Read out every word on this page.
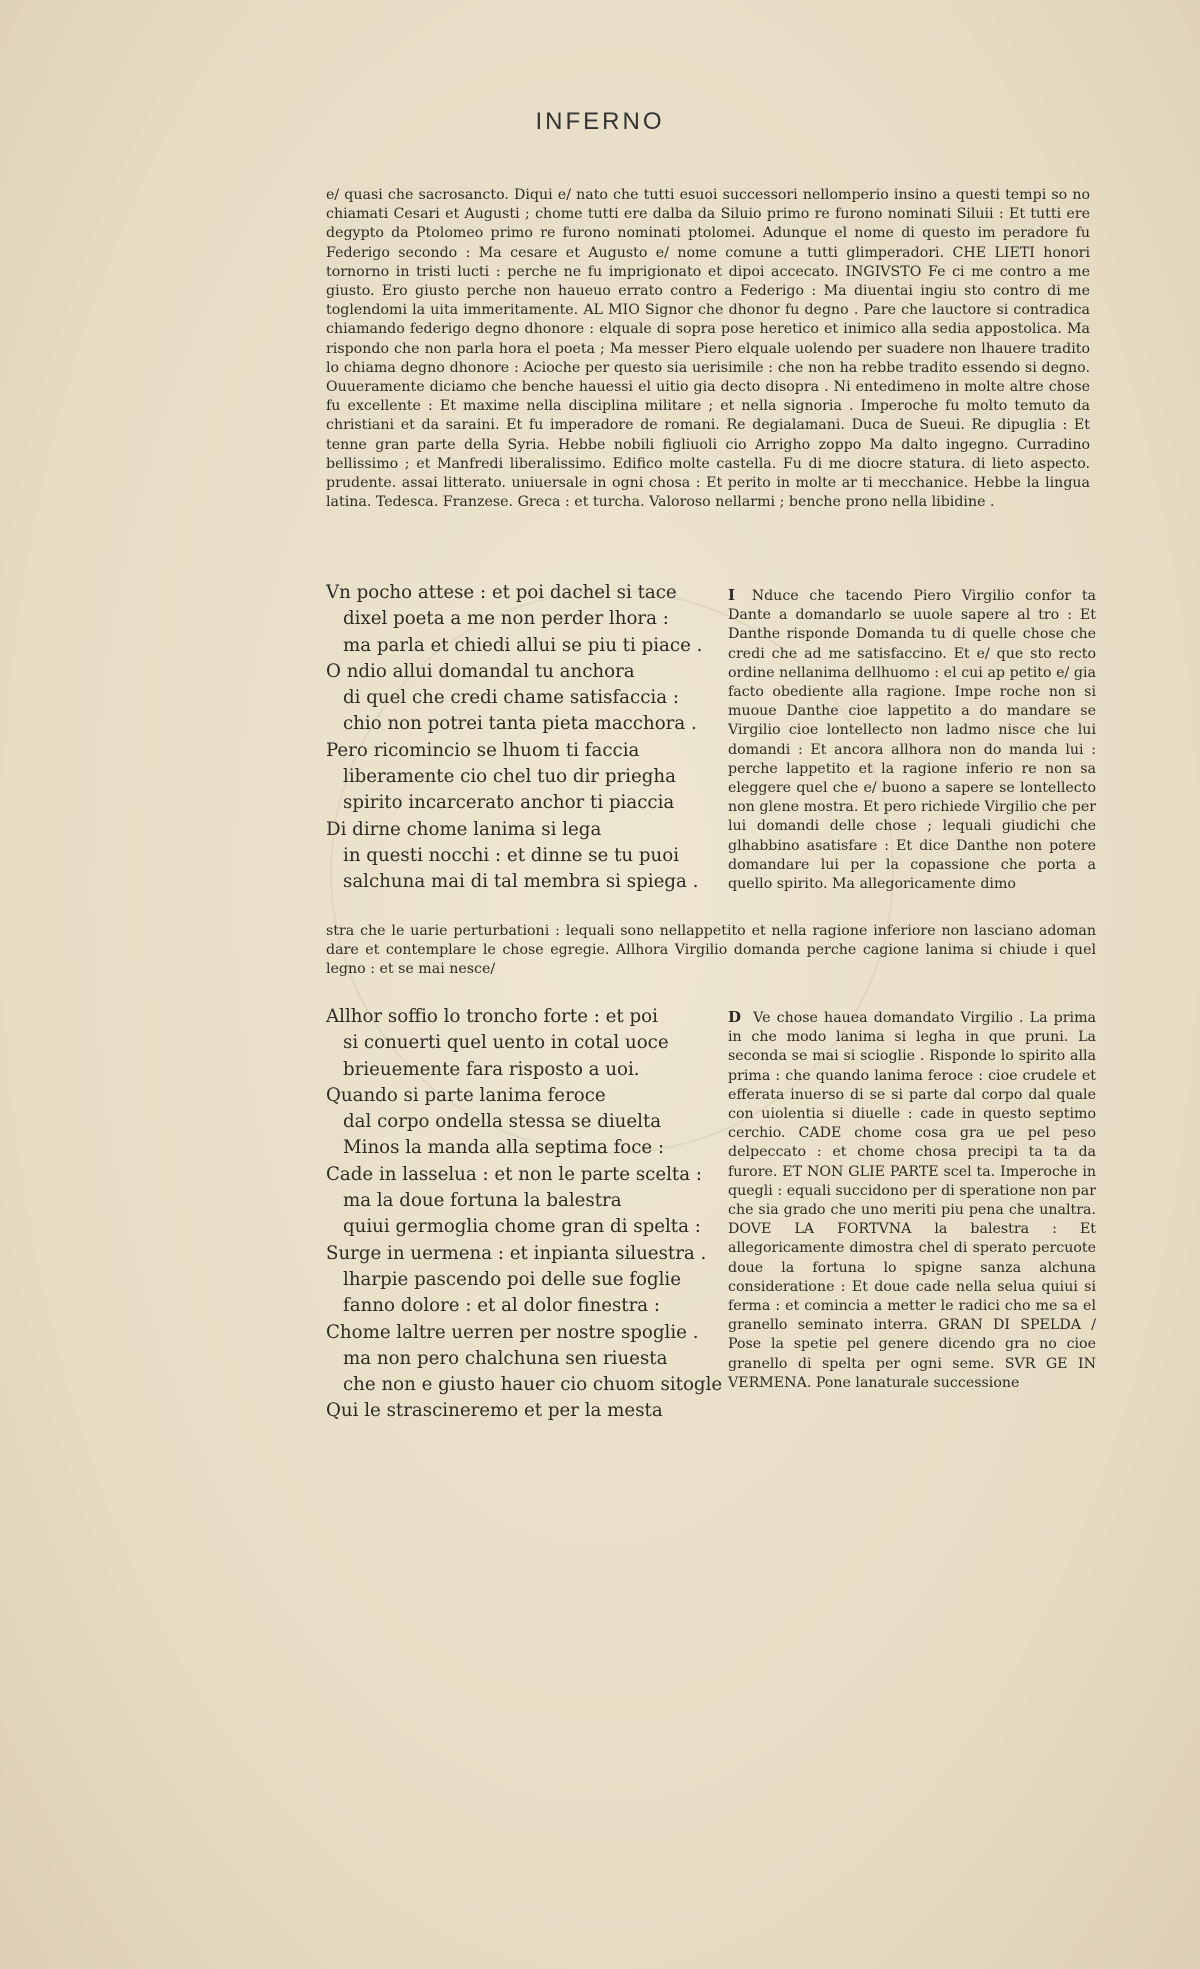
INFERNO

e/ quasi che sacrosancto. Diqui e/ nato che tutti esuoi successori nellomperio insino a questi tempi so no chiamati Cesari et Augusti ; chome tutti ere dalba da Siluio primo re furono nominati Siluii : Et tutti ere degypto da Ptolomeo primo re furono nominati ptolomei. Adunque el nome di questo im peradore fu Federigo secondo : Ma cesare et Augusto e/ nome comune a tutti glimperadori. CHE LIETI honori tornorno in tristi lucti : perche ne fu imprigionato et dipoi accecato. INGIVSTO Fe ci me contro a me giusto. Ero giusto perche non haueuo errato contro a Federigo : Ma diuentai ingiu sto contro di me toglendomi la uita immeritamente. AL MIO Signor che dhonor fu degno . Pare che lauctore si contradica chiamando federigo degno dhonore : elquale di sopra pose heretico et inimico alla sedia appostolica. Ma rispondo che non parla hora el poeta ; Ma messer Piero elquale uolendo per suadere non lhauere tradito lo chiama degno dhonore : Acioche per questo sia uerisimile : che non ha rebbe tradito essendo si degno. Ouueramente diciamo che benche hauessi el uitio gia decto disopra . Ni entedimeno in molte altre chose fu excellente : Et maxime nella disciplina militare ; et nella signoria . Imperoche fu molto temuto da christiani et da saraini. Et fu imperadore de romani. Re degialamani. Duca de Sueui. Re dipuglia : Et tenne gran parte della Syria. Hebbe nobili figliuoli cio Arrigho zoppo Ma dalto ingegno. Curradino bellissimo ; et Manfredi liberalissimo. Edifico molte castella. Fu di me diocre statura. di lieto aspecto. prudente. assai litterato. uniuersale in ogni chosa : Et perito in molte ar ti mecchanice. Hebbe la lingua latina. Tedesca. Franzese. Greca : et turcha. Valoroso nellarmi ; benche prono nella libidine .

Vn pocho attese : et poi dachel si tace
dixel poeta a me non perder lhora :
ma parla et chiedi allui se piu ti piace .
O ndio allui domandal tu anchora
di quel che credi chame satisfaccia :
chio non potrei tanta pieta macchora .
Pero ricomincio se lhuom ti faccia
liberamente cio chel tuo dir priegha
spirito incarcerato anchor ti piaccia
Di dirne chome lanima si lega
in questi nocchi : et dinne se tu puoi
salchuna mai di tal membra si spiega .

I Nduce che tacendo Piero Virgilio confor ta Dante a domandarlo se uuole sapere al tro : Et Danthe risponde Domanda tu di quelle chose che credi che ad me satisfaccino. Et e/ que sto recto ordine nellanima dellhuomo : el cui ap petito e/ gia facto obediente alla ragione. Impe roche non si muoue Danthe cioe lappetito a do mandare se Virgilio cioe lontellecto non ladmo nisce che lui domandi : Et ancora allhora non do manda lui : perche lappetito et la ragione inferio re non sa eleggere quel che e/ buono a sapere se lontellecto non glene mostra. Et pero richiede Virgilio che per lui domandi delle chose ; lequali giudichi che glhabbino asatisfare : Et dice Danthe non potere domandare lui per la copassione che porta a quello spirito. Ma allegoricamente dimo

stra che le uarie perturbationi : lequali sono nellappetito et nella ragione inferiore non lasciano adoman dare et contemplare le chose egregie. Allhora Virgilio domanda perche cagione lanima si chiude i quel legno : et se mai nesce/

Allhor soffio lo troncho forte : et poi
si conuerti quel uento in cotal uoce
brieuemente fara risposto a uoi.
Quando si parte lanima feroce
dal corpo ondella stessa se diuelta
Minos la manda alla septima foce :
Cade in lasselua : et non le parte scelta :
ma la doue fortuna la balestra
quiui germoglia chome gran di spelta :
Surge in uermena : et inpianta siluestra .
lharpie pascendo poi delle sue foglie
fanno dolore : et al dolor finestra :
Chome laltre uerren per nostre spoglie .
ma non pero chalchuna sen riuesta
che non e giusto hauer cio chuom sitogle
Qui le strascineremo et per la mesta

D Ve chose hauea domandato Virgilio . La prima in che modo lanima si legha in que pruni. La seconda se mai si scioglie . Risponde lo spirito alla prima : che quando lanima feroce : cioe crudele et efferata inuerso di se si parte dal corpo dal quale con uiolentia si diuelle : cade in questo septimo cerchio. CADE chome cosa gra ue pel peso delpeccato : et chome chosa precipi ta ta da furore. ET NON GLIE PARTE scel ta. Imperoche in quegli : equali succidono per di speratione non par che sia grado che uno meriti piu pena che unaltra. DOVE LA FORTVNA la balestra : Et allegoricamente dimostra chel di sperato percuote doue la fortuna lo spigne sanza alchuna consideratione : Et doue cade nella selua quiui si ferma : et comincia a metter le radici cho me sa el granello seminato interra. GRAN DI SPELDA / Pose la spetie pel genere dicendo gra no cioe granello di spelta per ogni seme. SVR GE IN VERMENA. Pone lanaturale successione
